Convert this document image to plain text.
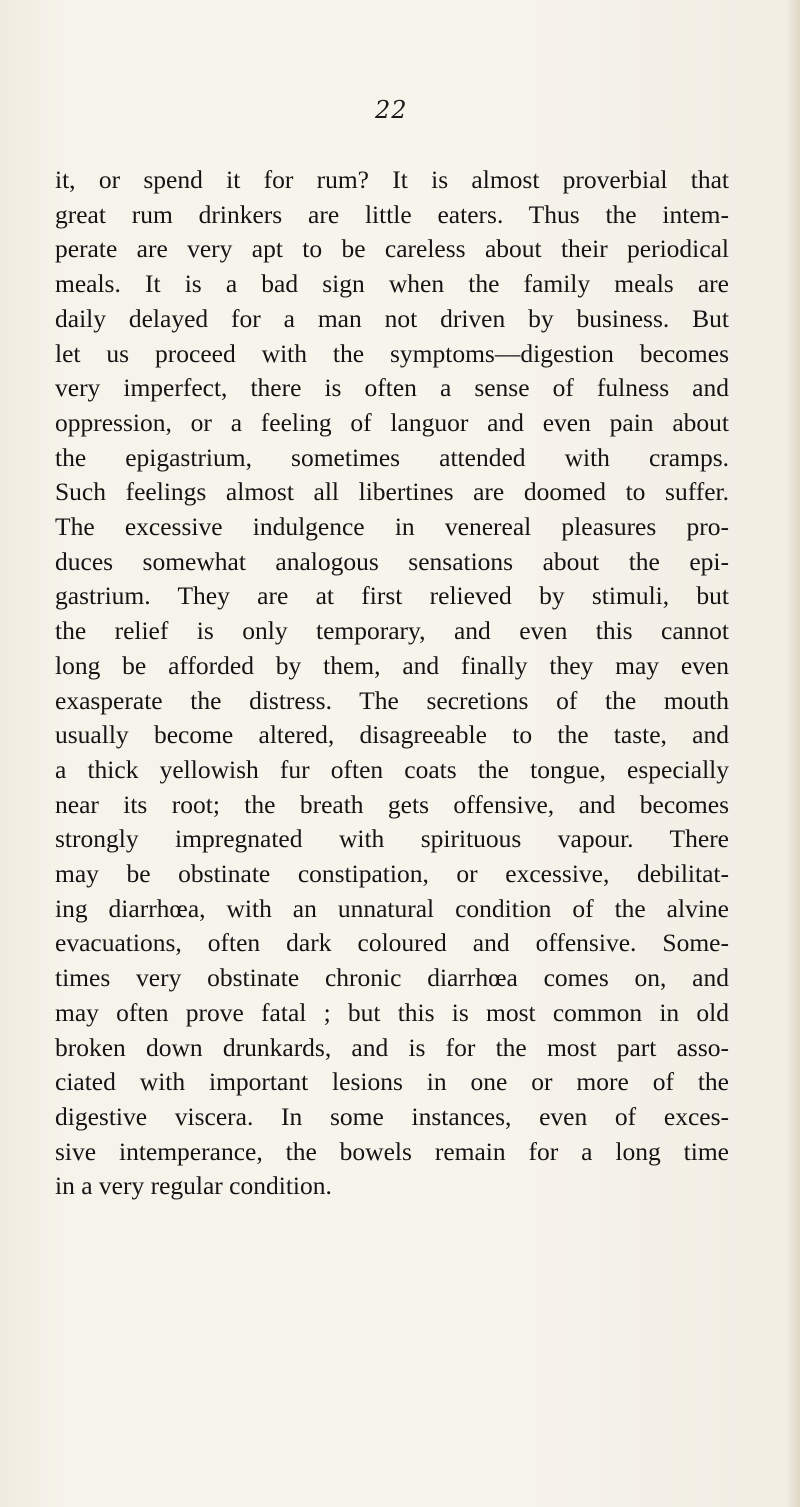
22
it, or spend it for rum? It is almost proverbial that
great rum drinkers are little eaters. Thus the intem-
perate are very apt to be careless about their periodical
meals. It is a bad sign when the family meals are
daily delayed for a man not driven by business. But
let us proceed with the symptoms—digestion becomes
very imperfect, there is often a sense of fulness and
oppression, or a feeling of languor and even pain about
the epigastrium, sometimes attended with cramps.
Such feelings almost all libertines are doomed to suffer.
The excessive indulgence in venereal pleasures pro-
duces somewhat analogous sensations about the epi-
gastrium. They are at first relieved by stimuli, but
the relief is only temporary, and even this cannot
long be afforded by them, and finally they may even
exasperate the distress. The secretions of the mouth
usually become altered, disagreeable to the taste, and
a thick yellowish fur often coats the tongue, especially
near its root; the breath gets offensive, and becomes
strongly impregnated with spirituous vapour. There
may be obstinate constipation, or excessive, debilitat-
ing diarrhœa, with an unnatural condition of the alvine
evacuations, often dark coloured and offensive. Some-
times very obstinate chronic diarrhœa comes on, and
may often prove fatal ; but this is most common in old
broken down drunkards, and is for the most part asso-
ciated with important lesions in one or more of the
digestive viscera. In some instances, even of exces-
sive intemperance, the bowels remain for a long time
in a very regular condition.
